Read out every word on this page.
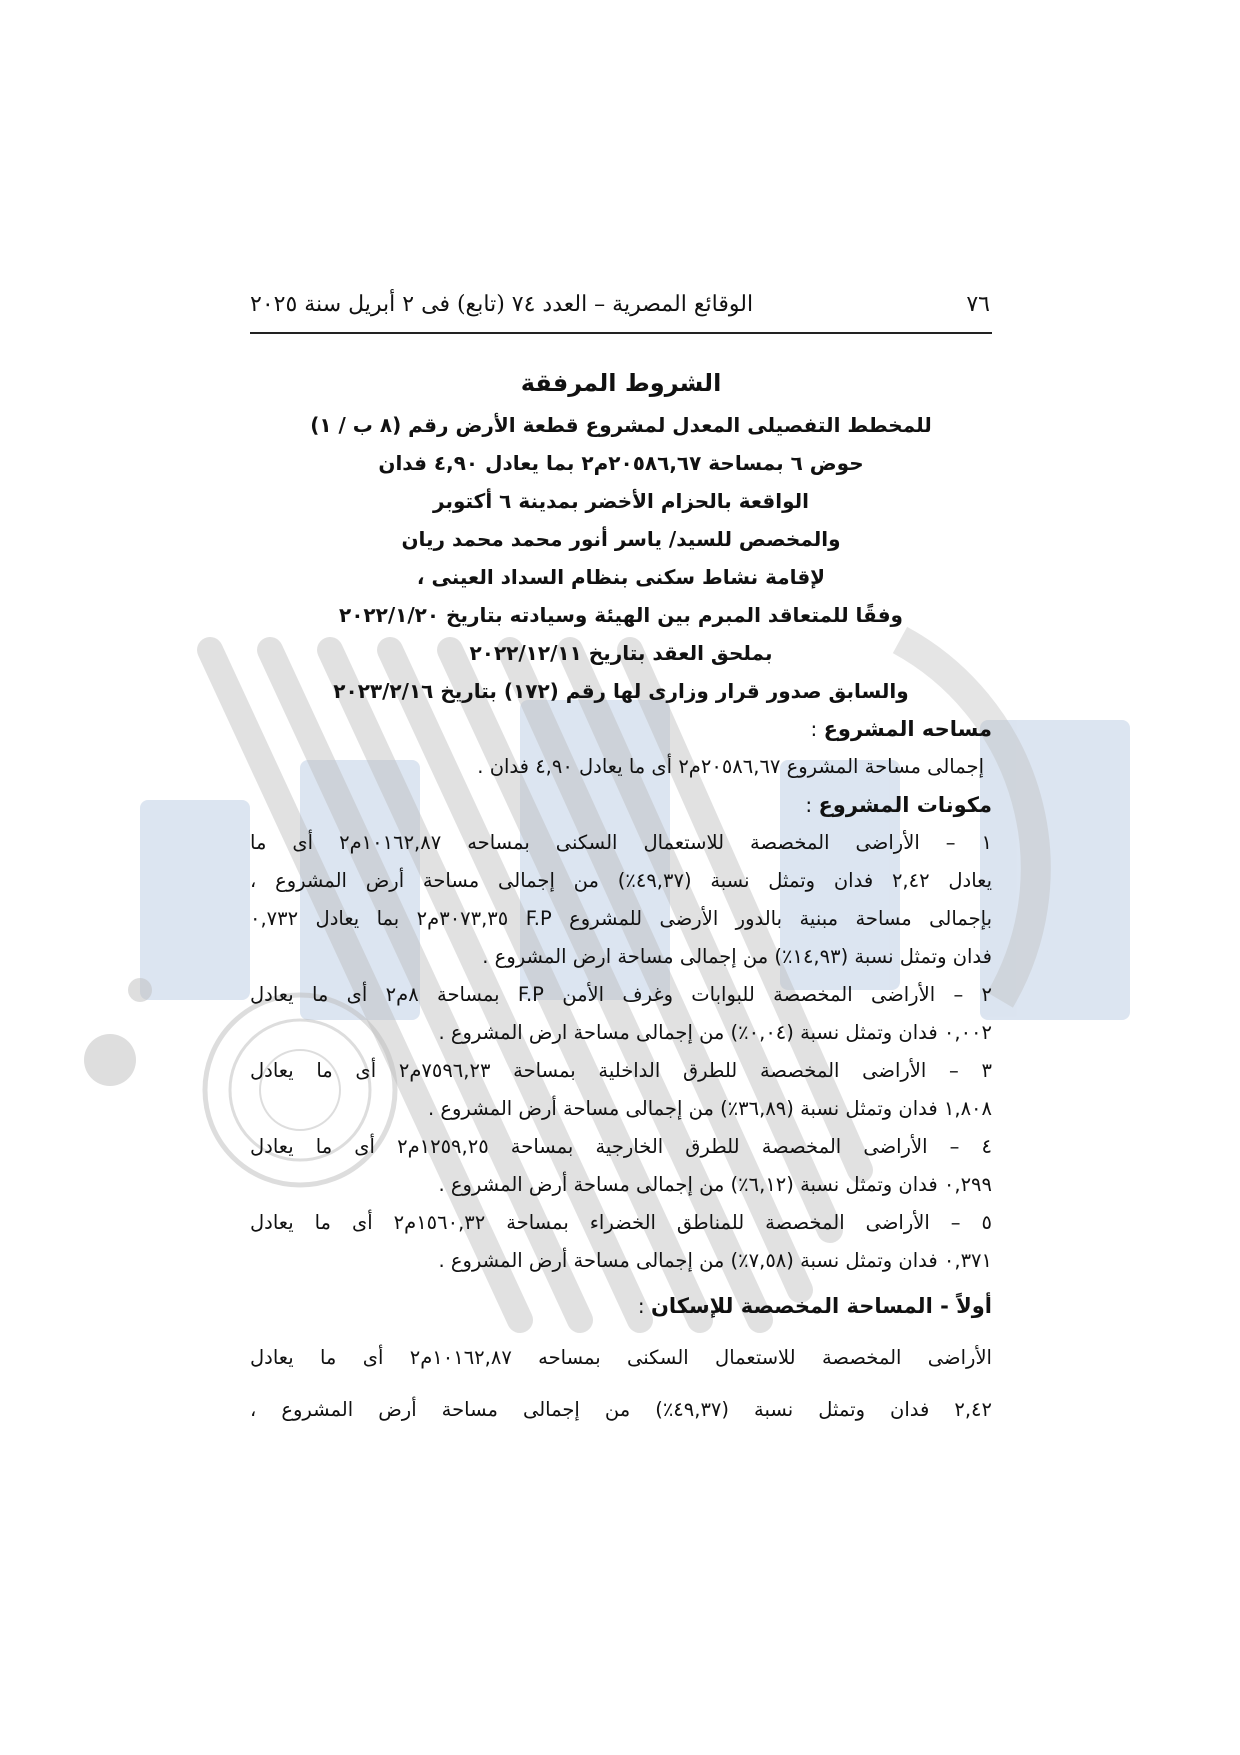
٧٦
الوقائع المصرية – العدد ٧٤ (تابع) فى ٢ أبريل سنة ٢٠٢٥
الشروط المرفقة
للمخطط التفصيلى المعدل لمشروع قطعة الأرض رقم (٨ ب / ١)
حوض ٦ بمساحة ٢٠٥٨٦,٦٧م٢ بما يعادل ٤,٩٠ فدان
الواقعة بالحزام الأخضر بمدينة ٦ أكتوبر
والمخصص للسيد/ ياسر أنور محمد محمد ريان
لإقامة نشاط سكنى بنظام السداد العينى ،
وفقًا للمتعاقد المبرم بين الهيئة وسيادته بتاريخ ٢٠٢٢/١/٢٠
بملحق العقد بتاريخ ٢٠٢٢/١٢/١١
والسابق صدور قرار وزارى لها رقم (١٧٢) بتاريخ ٢٠٢٣/٢/١٦
مساحه المشروع :
إجمالى مساحة المشروع ٢٠٥٨٦,٦٧م٢ أى ما يعادل ٤,٩٠ فدان .
مكونات المشروع :
١ – الأراضى المخصصة للاستعمال السكنى بمساحه ١٠١٦٢,٨٧م٢ أى ما
يعادل ٢,٤٢ فدان وتمثل نسبة (٤٩,٣٧٪) من إجمالى مساحة أرض المشروع ،
بإجمالى مساحة مبنية بالدور الأرضى للمشروع F.P ٣٠٧٣,٣٥م٢ بما يعادل ٠,٧٣٢
فدان وتمثل نسبة (١٤,٩٣٪) من إجمالى مساحة ارض المشروع .
٢ – الأراضى المخصصة للبوابات وغرف الأمن F.P بمساحة ٨م٢ أى ما يعادل
٠,٠٠٢ فدان وتمثل نسبة (٠,٠٤٪) من إجمالى مساحة ارض المشروع .
٣ – الأراضى المخصصة للطرق الداخلية بمساحة ٧٥٩٦,٢٣م٢ أى ما يعادل
١,٨٠٨ فدان وتمثل نسبة (٣٦,٨٩٪) من إجمالى مساحة أرض المشروع .
٤ – الأراضى المخصصة للطرق الخارجية بمساحة ١٢٥٩,٢٥م٢ أى ما يعادل
٠,٢٩٩ فدان وتمثل نسبة (٦,١٢٪) من إجمالى مساحة أرض المشروع .
٥ – الأراضى المخصصة للمناطق الخضراء بمساحة ١٥٦٠,٣٢م٢ أى ما يعادل
٠,٣٧١ فدان وتمثل نسبة (٧,٥٨٪) من إجمالى مساحة أرض المشروع .
أولاً - المساحة المخصصة للإسكان :
الأراضى المخصصة للاستعمال السكنى بمساحه ١٠١٦٢,٨٧م٢ أى ما يعادل
٢,٤٢ فدان وتمثل نسبة (٤٩,٣٧٪) من إجمالى مساحة أرض المشروع ،
